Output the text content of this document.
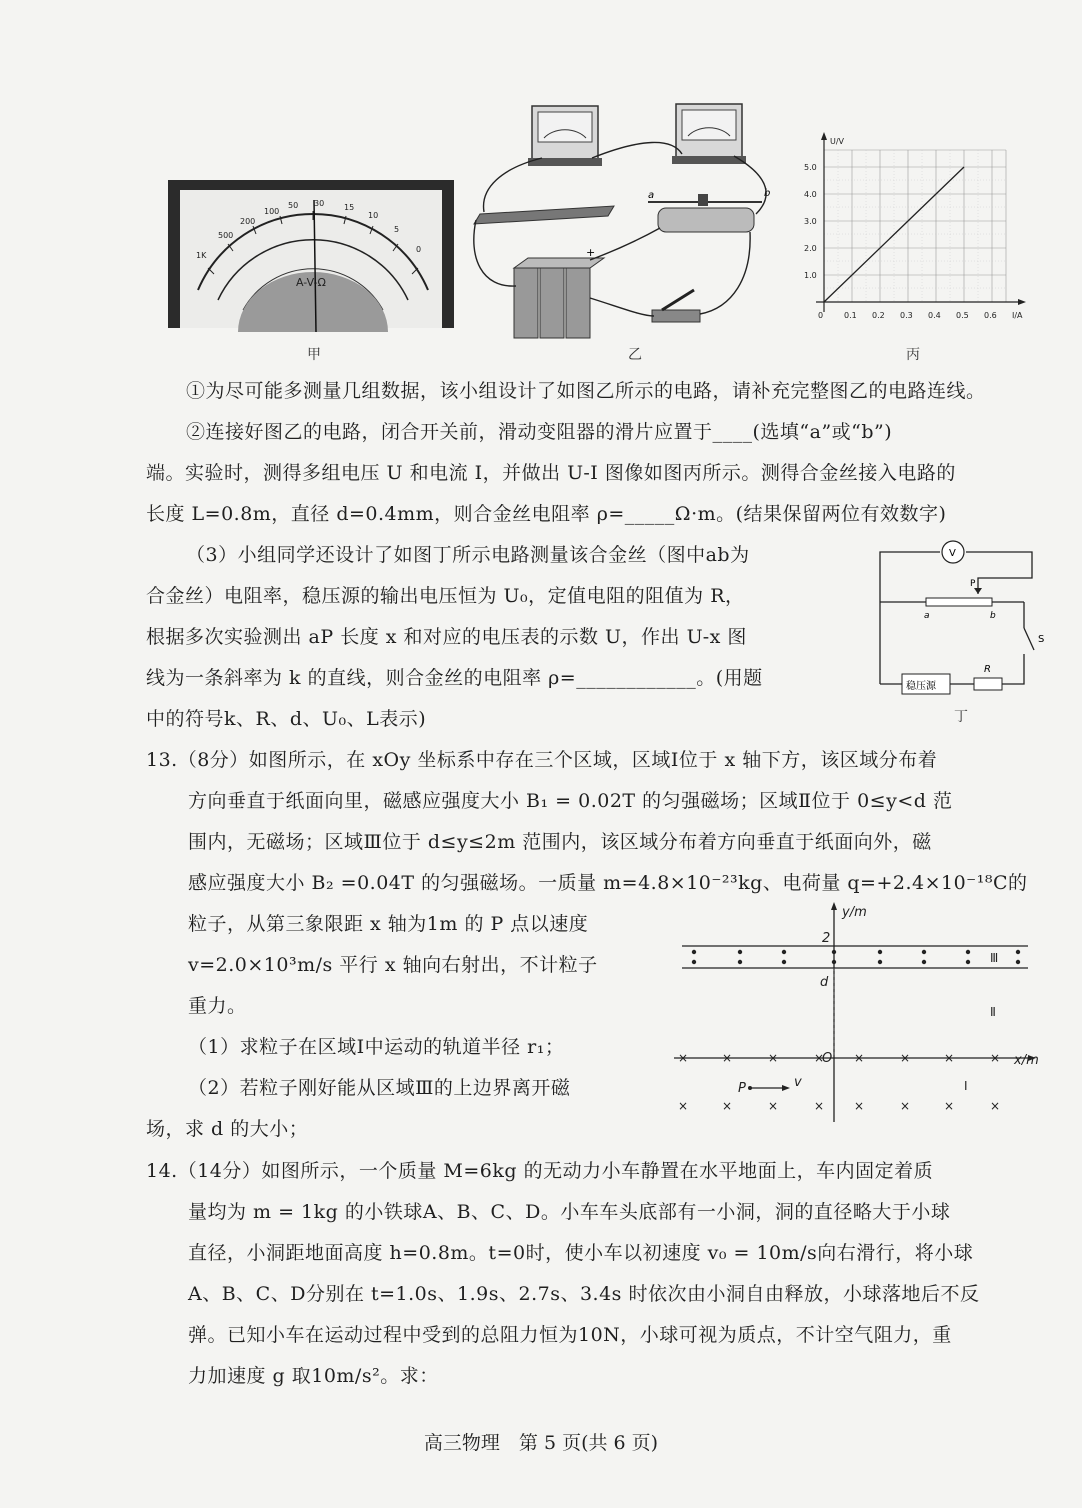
A-V-Ω
1K
500
200
100
50 30 15
10
5
0
甲
a	b
+
乙
U/V
I/A
0
1.0
2.0
3.0
4.0
5.0
0.1 0.2 0.3 0.4 0.5 0.6
丙
V
P
a	b
S
R
稳压源
丁
×	×	×	×	×	×	×
×	×	×	× ×	×	×	×
×
y/m
x/m
2
d
O
P	v
Ⅲ
Ⅱ
Ⅰ
①为尽可能多测量几组数据，该小组设计了如图乙所示的电路，请补充完整图乙的电路连线。
②连接好图乙的电路，闭合开关前，滑动变阻器的滑片应置于____(选填“a”或“b”)
端。实验时，测得多组电压 U 和电流 I，并做出 U-I 图像如图丙所示。测得合金丝接入电路的
长度 L=0.8m，直径 d=0.4mm，则合金丝电阻率 ρ=_____Ω·m。(结果保留两位有效数字)
（3）小组同学还设计了如图丁所示电路测量该合金丝（图中ab为
合金丝）电阻率，稳压源的输出电压恒为 U₀，定值电阻的阻值为 R，
根据多次实验测出 aP 长度 x 和对应的电压表的示数 U，作出 U-x 图
线为一条斜率为 k 的直线，则合金丝的电阻率 ρ=____________。(用题
中的符号k、R、d、U₀、L表示)
13.（8分）如图所示，在 xOy 坐标系中存在三个区域，区域Ⅰ位于 x 轴下方，该区域分布着
方向垂直于纸面向里，磁感应强度大小 B₁ = 0.02T 的匀强磁场；区域Ⅱ位于 0≤y<d 范
围内，无磁场；区域Ⅲ位于 d≤y≤2m 范围内，该区域分布着方向垂直于纸面向外，磁
感应强度大小 B₂ =0.04T 的匀强磁场。一质量 m=4.8×10⁻²³kg、电荷量 q=+2.4×10⁻¹⁸C的
粒子，从第三象限距 x 轴为1m 的 P 点以速度
v=2.0×10³m/s 平行 x 轴向右射出，不计粒子
重力。
（1）求粒子在区域Ⅰ中运动的轨道半径 r₁；
（2）若粒子刚好能从区域Ⅲ的上边界离开磁
场，求 d 的大小；
14.（14分）如图所示，一个质量 M=6kg 的无动力小车静置在水平地面上，车内固定着质
量均为 m = 1kg 的小铁球A、B、C、D。小车车头底部有一小洞，洞的直径略大于小球
直径，小洞距地面高度 h=0.8m。t=0时，使小车以初速度 v₀ = 10m/s向右滑行，将小球
A、B、C、D分别在 t=1.0s、1.9s、2.7s、3.4s 时依次由小洞自由释放，小球落地后不反
弹。已知小车在运动过程中受到的总阻力恒为10N，小球可视为质点，不计空气阻力，重
力加速度 g 取10m/s²。求：
高三物理　第 5 页(共 6 页)
